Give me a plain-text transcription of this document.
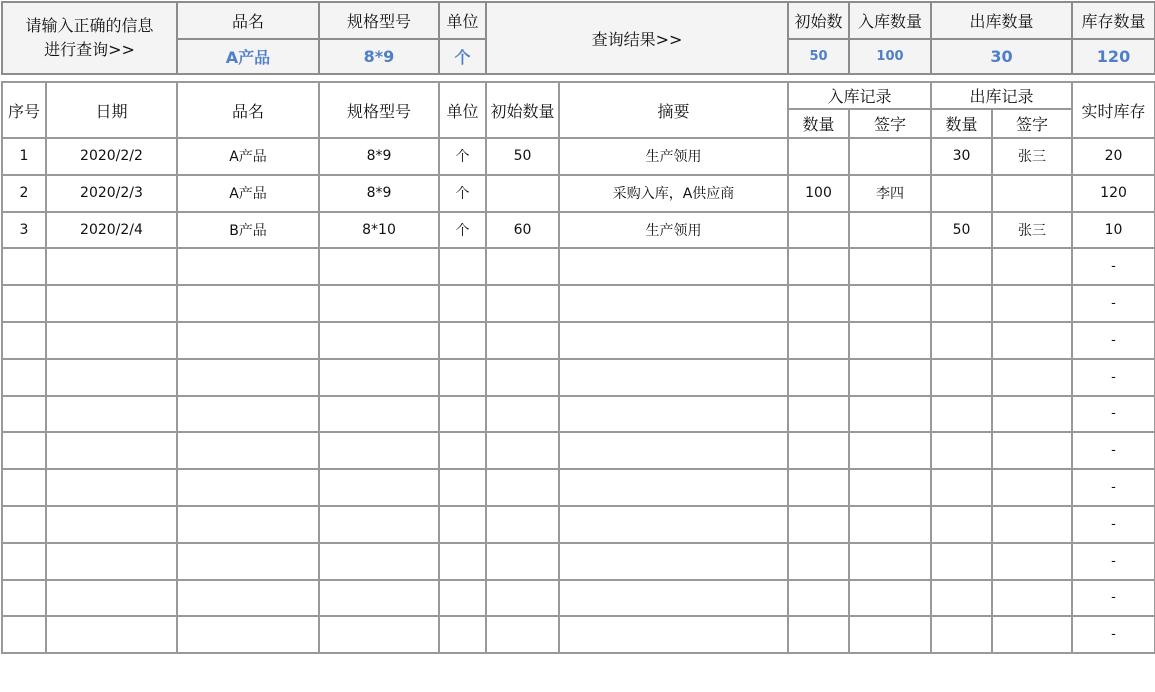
请输入正确的信息
进行查询>>	品名	规格型号	单位	查询结果>>	初始数	入库数量	出库数量	库存数量
	A产品	8*9	个		50	100	30	120
序号	日期	品名	规格型号	单位	初始数量	摘要	入库记录		出库记录		实时库存
							数量	签字	数量	签字	
1	2020/2/2	A产品	8*9	个	50	生产领用			30	张三	20
2	2020/2/3	A产品	8*9	个		采购入库，A供应商	100	李四			120
3	2020/2/4	B产品	8*10	个	60	生产领用			50	张三	10
											-
											-
											-
											-
											-
											-
											-
											-
											-
											-
											-
